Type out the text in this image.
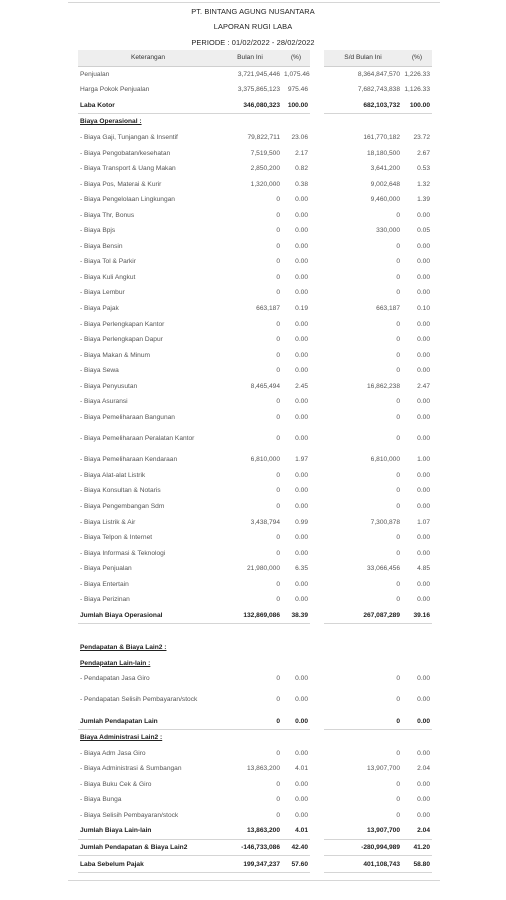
PT. BINTANG AGUNG NUSANTARA
LAPORAN RUGI LABA
PERIODE : 01/02/2022 - 28/02/2022
Keterangan	Bulan Ini	(%)		S/d Bulan Ini	(%)
Penjualan	3,721,945,446	1,075.46		8,364,847,570	1,226.33
Harga Pokok Penjualan	3,375,865,123	975.46		7,682,743,838	1,126.33
Laba Kotor	346,080,323	100.00		682,103,732	100.00
Biaya Operasional :					
- Biaya Gaji, Tunjangan & Insentif	79,822,711	23.06		161,770,182	23.72
- Biaya Pengobatan/kesehatan	7,519,500	2.17		18,180,500	2.67
- Biaya Transport & Uang Makan	2,850,200	0.82		3,641,200	0.53
- Biaya Pos, Materai & Kurir	1,320,000	0.38		9,002,648	1.32
- Biaya Pengelolaan Lingkungan	0	0.00		9,460,000	1.39
- Biaya Thr, Bonus	0	0.00		0	0.00
- Biaya Bpjs	0	0.00		330,000	0.05
- Biaya Bensin	0	0.00		0	0.00
- Biaya Tol & Parkir	0	0.00		0	0.00
- Biaya Kuli Angkut	0	0.00		0	0.00
- Biaya Lembur	0	0.00		0	0.00
- Biaya Pajak	663,187	0.19		663,187	0.10
- Biaya Perlengkapan Kantor	0	0.00		0	0.00
- Biaya Perlengkapan Dapur	0	0.00		0	0.00
- Biaya Makan & Minum	0	0.00		0	0.00
- Biaya Sewa	0	0.00		0	0.00
- Biaya Penyusutan	8,465,494	2.45		16,862,238	2.47
- Biaya Asuransi	0	0.00		0	0.00
- Biaya Pemeliharaan Bangunan	0	0.00		0	0.00
- Biaya Pemeliharaan Peralatan Kantor	0	0.00		0	0.00
- Biaya Pemeliharaan Kendaraan	6,810,000	1.97		6,810,000	1.00
- Biaya Alat-alat Listrik	0	0.00		0	0.00
- Biaya Konsultan & Notaris	0	0.00		0	0.00
- Biaya Pengembangan Sdm	0	0.00		0	0.00
- Biaya Listrik & Air	3,438,794	0.99		7,300,878	1.07
- Biaya Telpon & Internet	0	0.00		0	0.00
- Biaya Informasi & Teknologi	0	0.00		0	0.00
- Biaya Penjualan	21,980,000	6.35		33,066,456	4.85
- Biaya Entertain	0	0.00		0	0.00
- Biaya Perizinan	0	0.00		0	0.00
Jumlah Biaya Operasional	132,869,086	38.39		267,087,289	39.16

Pendapatan & Biaya Lain2 :					
Pendapatan Lain-lain :					
- Pendapatan Jasa Giro	0	0.00		0	0.00
- Pendapatan Selisih Pembayaran/stock	0	0.00		0	0.00
Jumlah Pendapatan Lain	0	0.00		0	0.00
Biaya Administrasi Lain2 :					
- Biaya Adm Jasa Giro	0	0.00		0	0.00
- Biaya Administrasi & Sumbangan	13,863,200	4.01		13,907,700	2.04
- Biaya Buku Cek & Giro	0	0.00		0	0.00
- Biaya Bunga	0	0.00		0	0.00
- Biaya Selisih Pembayaran/stock	0	0.00		0	0.00
Jumlah Biaya Lain-lain	13,863,200	4.01		13,907,700	2.04
Jumlah Pendapatan & Biaya Lain2	-146,733,086	42.40		-280,994,989	41.20
Laba Sebelum Pajak	199,347,237	57.60		401,108,743	58.80
